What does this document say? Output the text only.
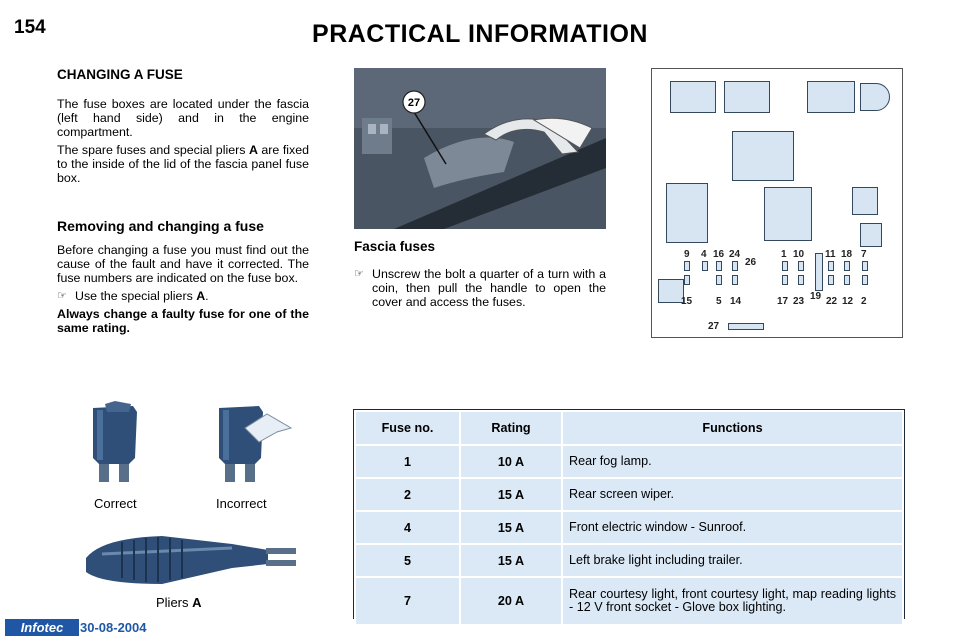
154	PRACTICAL INFORMATION
CHANGING A FUSE

The fuse boxes are located under the fascia (left hand side) and in the engine compartment.

The spare fuses and special pliers A are fixed to the inside of the lid of the fascia panel fuse box.

Removing and changing a fuse

Before changing a fuse you must find out the cause of the fault and have it corrected. The fuse numbers are indicated on the fuse box.

☞ Use the special pliers A.

Always change a faulty fuse for one of the same rating.

Correct	Incorrect
Pliers A
27
Fascia fuses
☞ Unscrew the bolt a quarter of a turn with a coin, then pull the handle to open the cover and access the fuses.
9 4 16 24	1 10 11 18 7
26
15 5 14	17 23 19 22 12 2
27
Fuse no.	Rating	Functions
1	10 A	Rear fog lamp.
2	15 A	Rear screen wiper.
4	15 A	Front electric window - Sunroof.
5	15 A	Left brake light including trailer.
7	20 A	Rear courtesy light, front courtesy light, map reading lights - 12 V front socket - Glove box lighting.
Infotec	30-08-2004
